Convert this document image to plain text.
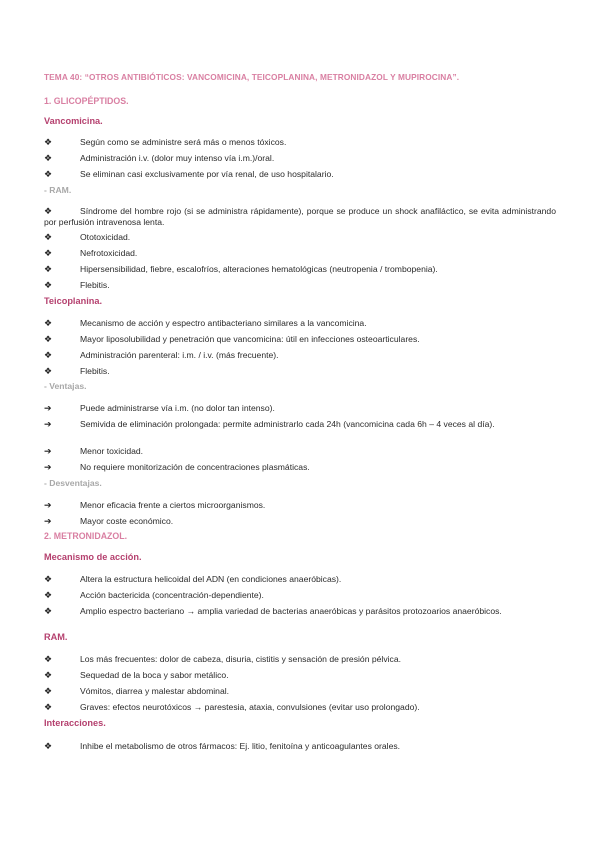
TEMA 40: “OTROS ANTIBIÓTICOS: VANCOMICINA, TEICOPLANINA, METRONIDAZOL Y MUPIROCINA”.
1. GLICOPÉPTIDOS.
Vancomicina.
❖	Según como se administre será más o menos tóxicos.
❖	Administración i.v. (dolor muy intenso vía i.m.)/oral.
❖	Se eliminan casi exclusivamente por vía renal, de uso hospitalario.
- RAM.
❖	Síndrome del hombre rojo (si se administra rápidamente), porque se produce un shock anafiláctico, se evita administrando por perfusión intravenosa lenta.
❖	Ototoxicidad.
❖	Nefrotoxicidad.
❖	Hipersensibilidad, fiebre, escalofríos, alteraciones hematológicas (neutropenia / trombopenia).
❖	Flebitis.
Teicoplanina.
❖	Mecanismo de acción y espectro antibacteriano similares a la vancomicina.
❖	Mayor liposolubilidad y penetración que vancomicina: útil en infecciones osteoarticulares.
❖	Administración parenteral: i.m. / i.v. (más frecuente).
❖	Flebitis.
- Ventajas.
➔	Puede administrarse vía i.m. (no dolor tan intenso).
➔	Semivida de eliminación prolongada: permite administrarlo cada 24h (vancomicina cada 6h – 4 veces al día).
➔	Menor toxicidad.
➔	No requiere monitorización de concentraciones plasmáticas.
- Desventajas.
➔	Menor eficacia frente a ciertos microorganismos.
➔	Mayor coste económico.
2. METRONIDAZOL.
Mecanismo de acción.
❖	Altera la estructura helicoidal del ADN (en condiciones anaeróbicas).
❖	Acción bactericida (concentración-dependiente).
❖	Amplio espectro bacteriano → amplia variedad de bacterias anaeróbicas y parásitos protozoarios anaeróbicos.
RAM.
❖	Los más frecuentes: dolor de cabeza, disuria, cistitis y sensación de presión pélvica.
❖	Sequedad de la boca y sabor metálico.
❖	Vómitos, diarrea y malestar abdominal.
❖	Graves: efectos neurotóxicos → parestesia, ataxia, convulsiones (evitar uso prolongado).
Interacciones.
❖	Inhibe el metabolismo de otros fármacos: Ej. litio, fenitoína y anticoagulantes orales.
